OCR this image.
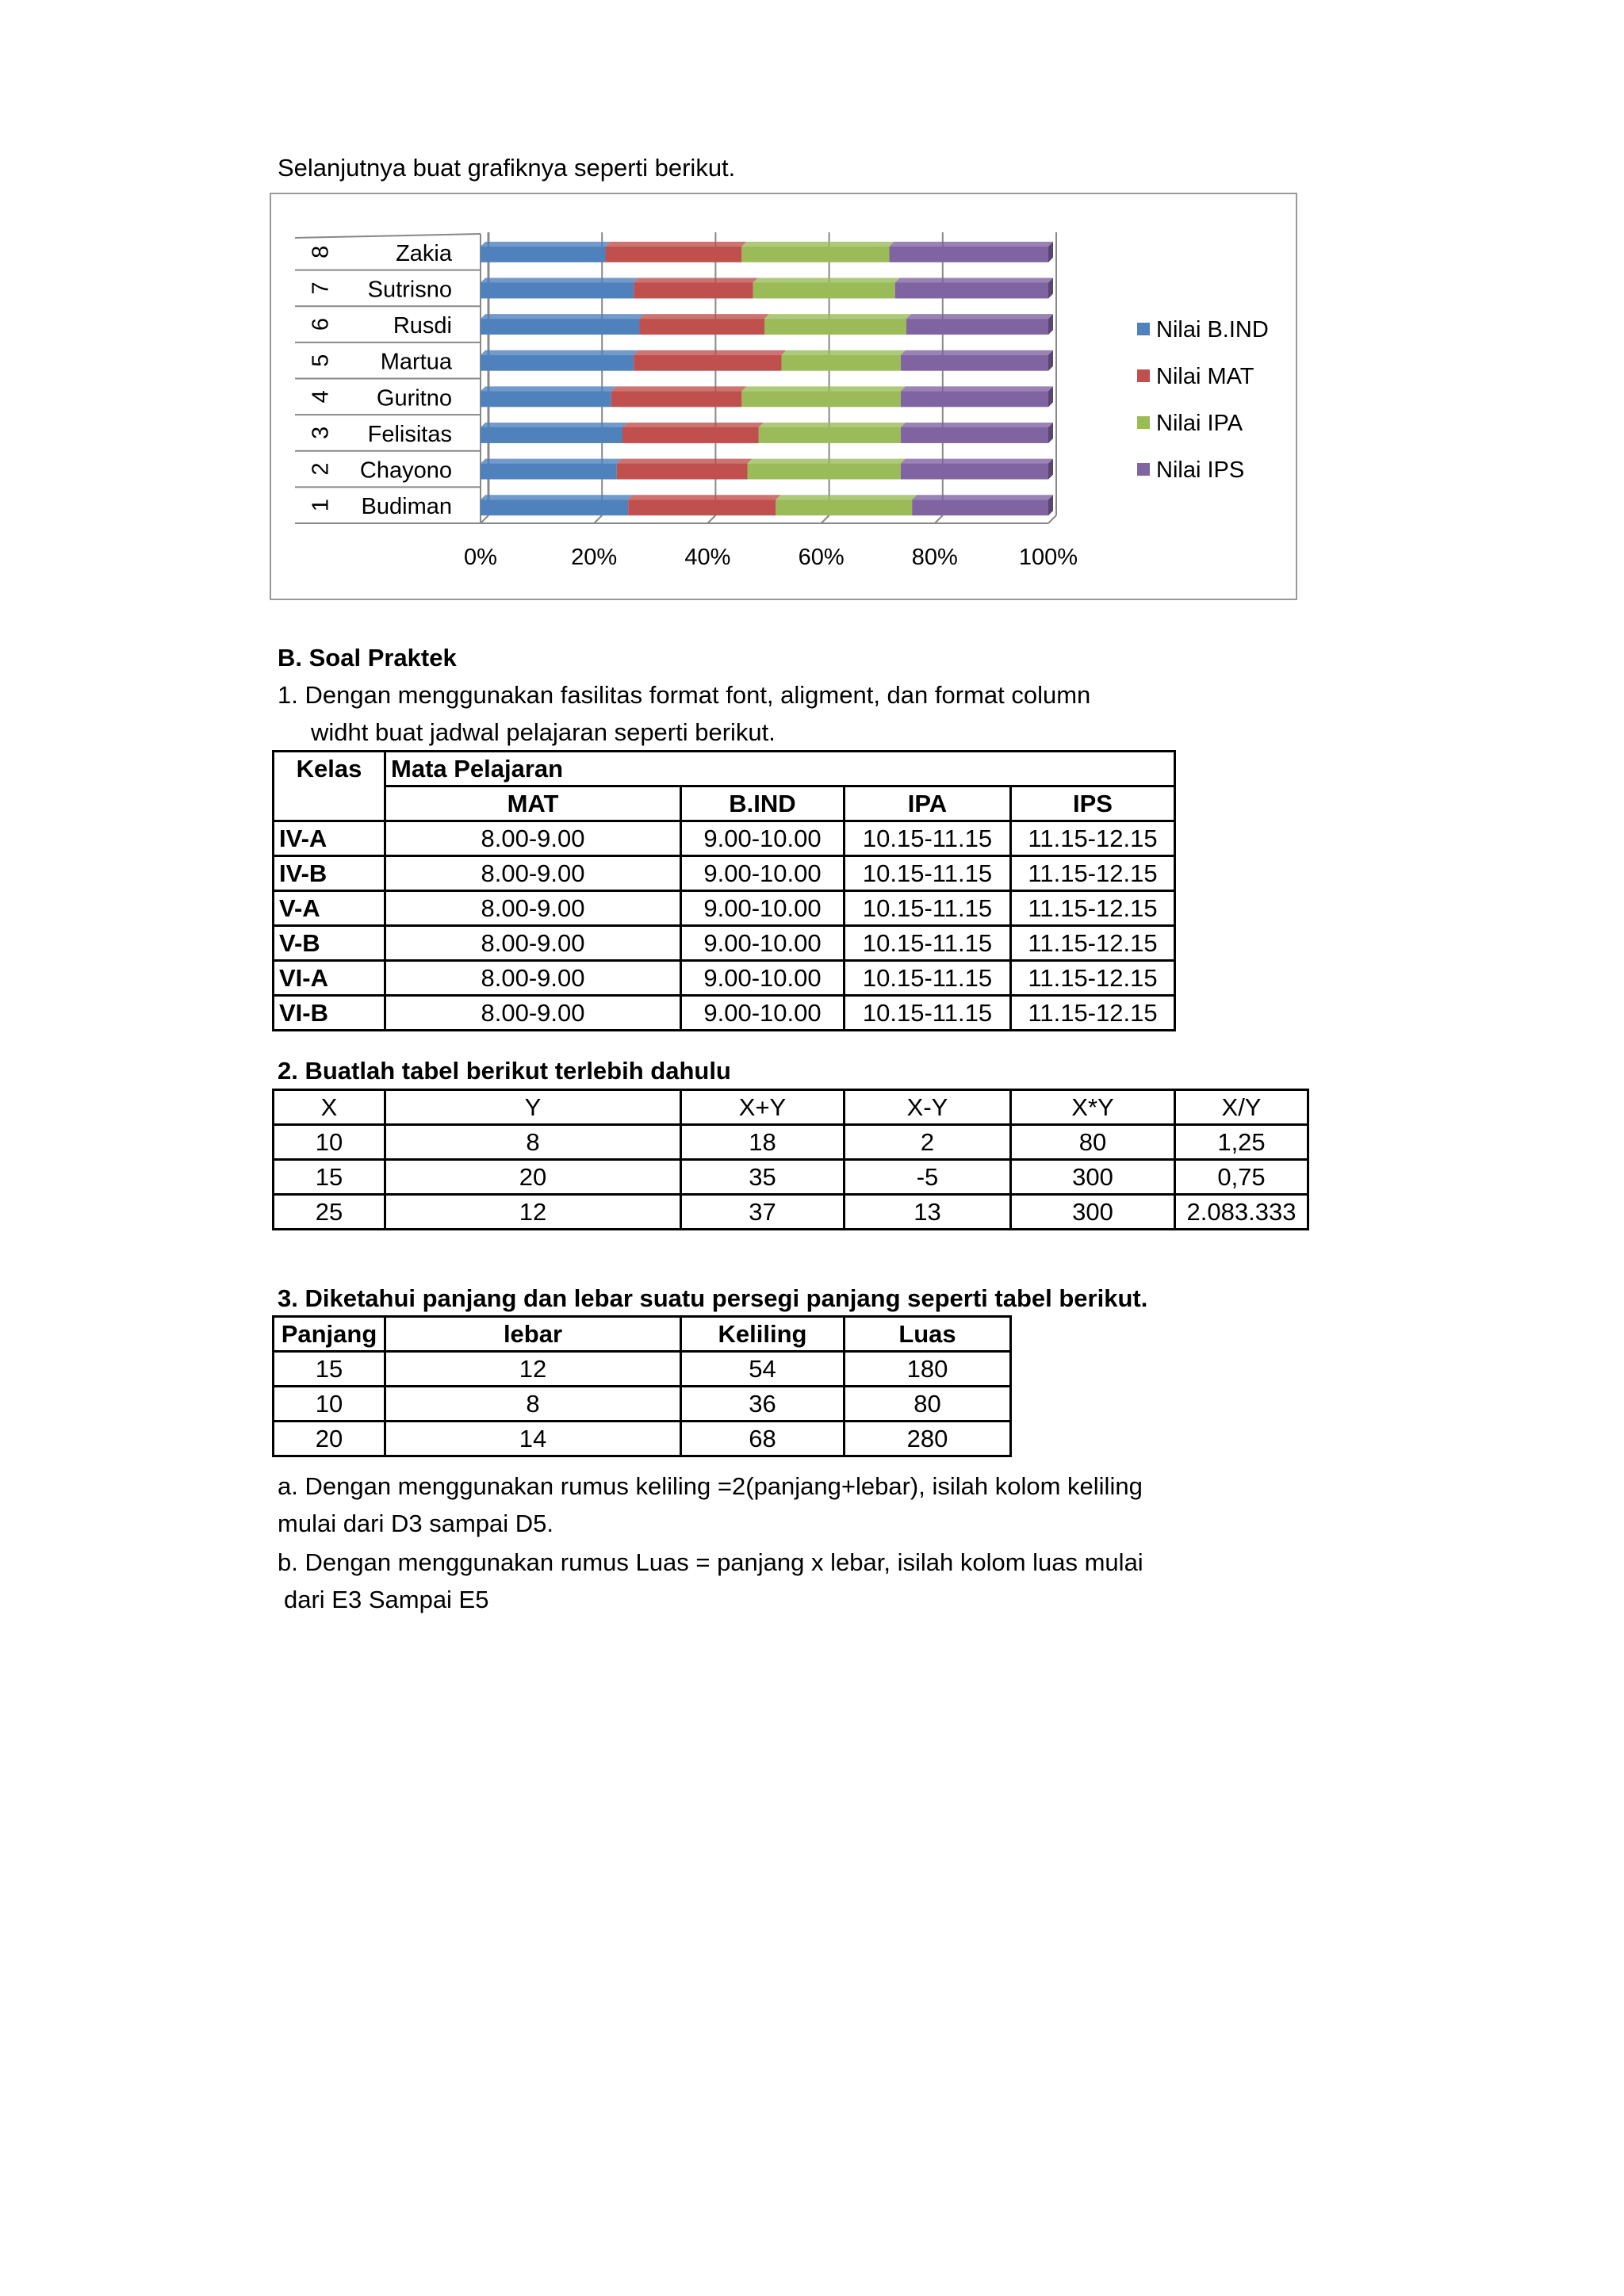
Selanjutnya buat grafiknya seperti berikut.
0%	20%	40%	60%	80%	100%
Budiman
1
Chayono
2
Felisitas
3
Guritno
4
Martua
5
Rusdi
6
Sutrisno
7
Zakia
8
Nilai B.IND
Nilai MAT
Nilai IPA
Nilai IPS
B. Soal Praktek
1. Dengan menggunakan fasilitas format font, aligment, dan format column
widht buat jadwal pelajaran seperti berikut.
Kelas	Mata Pelajaran			
	MAT	B.IND	IPA	IPS
IV-A	8.00-9.00	9.00-10.00	10.15-11.15	11.15-12.15
IV-B	8.00-9.00	9.00-10.00	10.15-11.15	11.15-12.15
V-A	8.00-9.00	9.00-10.00	10.15-11.15	11.15-12.15
V-B	8.00-9.00	9.00-10.00	10.15-11.15	11.15-12.15
VI-A	8.00-9.00	9.00-10.00	10.15-11.15	11.15-12.15
VI-B	8.00-9.00	9.00-10.00	10.15-11.15	11.15-12.15
2. Buatlah tabel berikut terlebih dahulu
X	Y	X+Y	X-Y	X*Y	X/Y
10	8	18	2	80	1,25
15	20	35	-5	300	0,75
25	12	37	13	300	2.083.333
3. Diketahui panjang dan lebar suatu persegi panjang seperti tabel berikut.
Panjang	lebar	Keliling	Luas
15	12	54	180
10	8	36	80
20	14	68	280
a. Dengan menggunakan rumus keliling =2(panjang+lebar), isilah kolom keliling
mulai dari D3 sampai D5.
b. Dengan menggunakan rumus Luas = panjang x lebar, isilah kolom luas mulai
dari E3 Sampai E5
